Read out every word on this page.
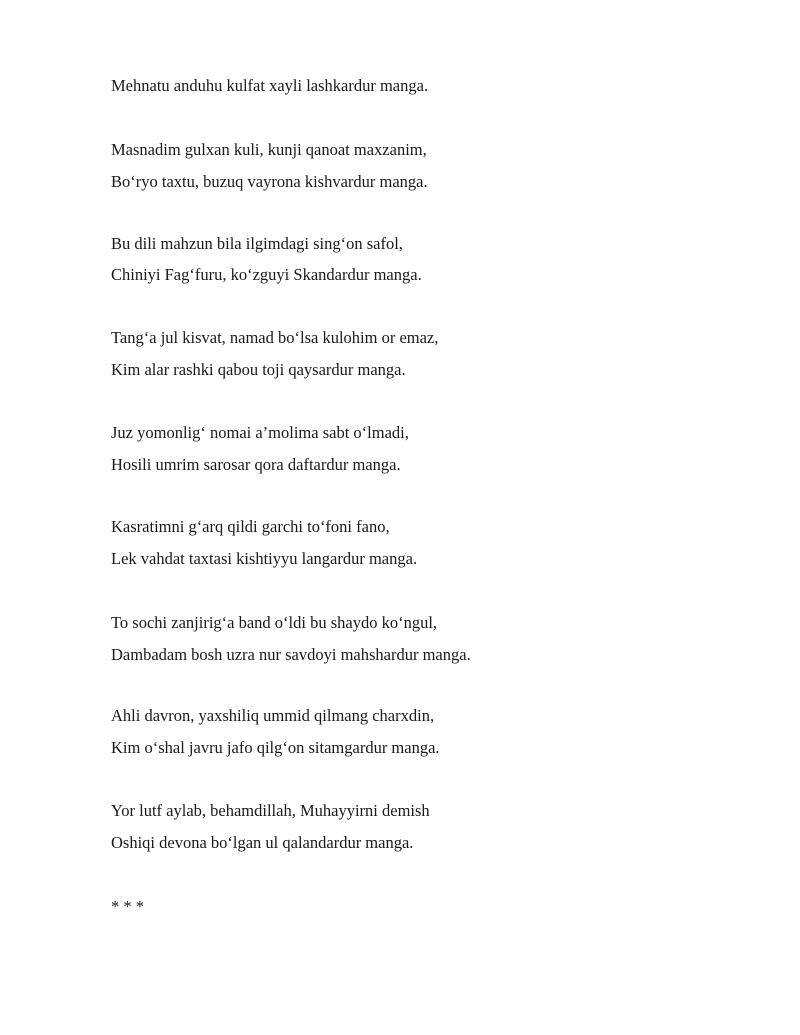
Mehnatu anduhu kulfat xayli lashkardur manga.
Masnadim gulxan kuli, kunji qanoat maxzanim,
Bo‘ryo taxtu, buzuq vayrona kishvardur manga.
Bu dili mahzun bila ilgimdagi sing‘on safol,
Chiniyi Fag‘furu, ko‘zguyi Skandardur manga.
Tang‘a jul kisvat, namad bo‘lsa kulohim or emaz,
Kim alar rashki qabou toji qaysardur manga.
Juz yomonlig‘ nomai a’molima sabt o‘lmadi,
Hosili umrim sarosar qora daftardur manga.
Kasratimni g‘arq qildi garchi to‘foni fano,
Lek vahdat taxtasi kishtiyyu langardur manga.
To sochi zanjirig‘a band o‘ldi bu shaydo ko‘ngul,
Dambadam bosh uzra nur savdoyi mahshardur manga.
Ahli davron, yaxshiliq ummid qilmang charxdin,
Kim o‘shal javru jafo qilg‘on sitamgardur manga.
Yor lutf aylab, behamdillah, Muhayyirni demish
Oshiqi devona bo‘lgan ul qalandardur manga.
* * *
